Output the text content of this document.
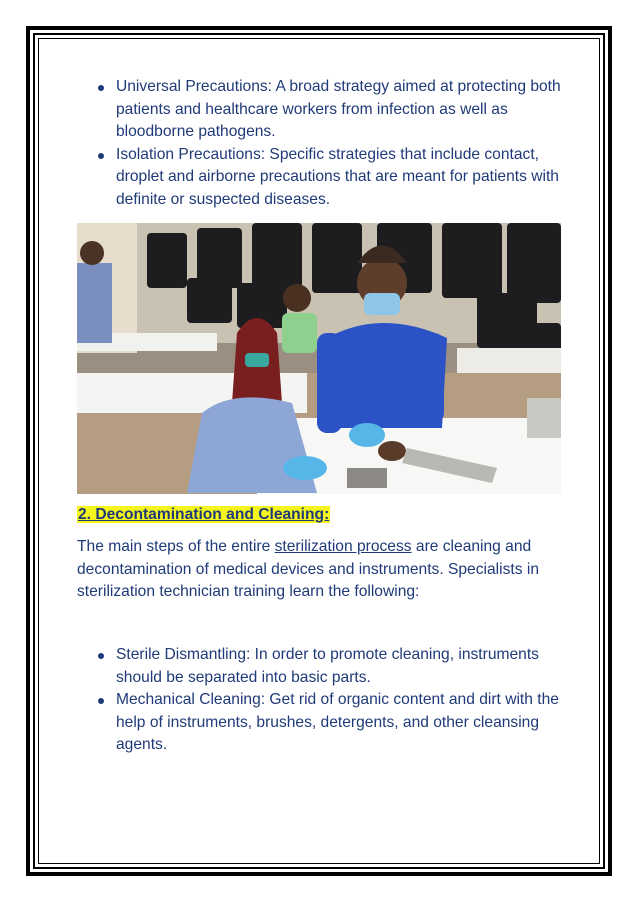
Universal Precautions: A broad strategy aimed at protecting both patients and healthcare workers from infection as well as bloodborne pathogens.
Isolation Precautions: Specific strategies that include contact, droplet and airborne precautions that are meant for patients with definite or suspected diseases.
2. Decontamination and Cleaning:
The main steps of the entire sterilization process are cleaning and decontamination of medical devices and instruments. Specialists in sterilization technician training learn the following:
Sterile Dismantling: In order to promote cleaning, instruments should be separated into basic parts.
Mechanical Cleaning: Get rid of organic content and dirt with the help of instruments, brushes, detergents, and other cleansing agents.
